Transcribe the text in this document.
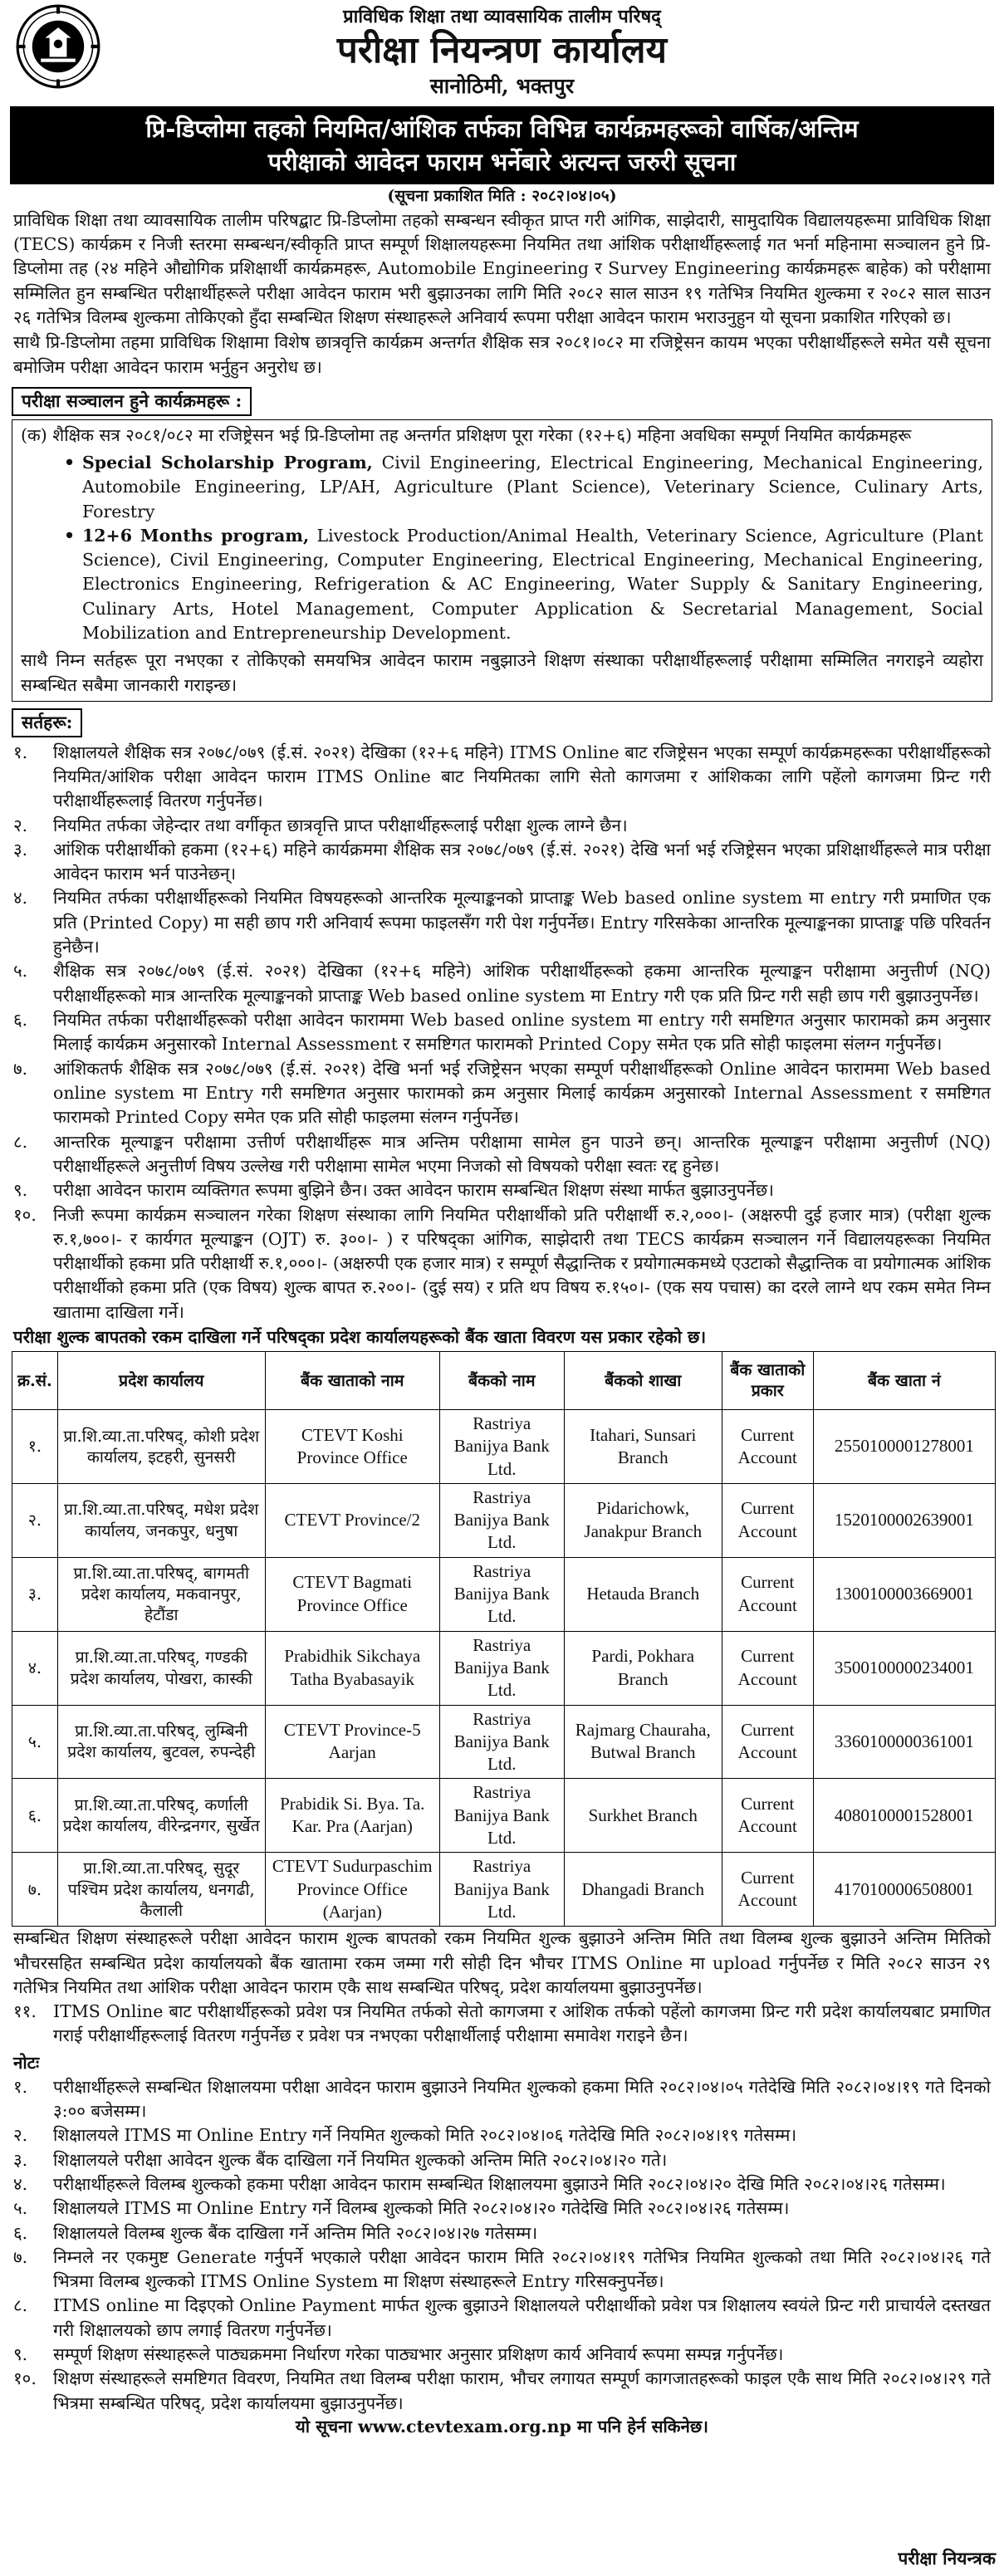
प्राविधिक शिक्षा तथा व्यावसायिक तालीम परिषद्
परीक्षा नियन्त्रण कार्यालय
सानोठिमी, भक्तपुर
प्रि-डिप्लोमा तहको नियमित/आंशिक तर्फका विभिन्न कार्यक्रमहरूको वार्षिक/अन्तिम
परीक्षाको आवेदन फाराम भर्नेबारे अत्यन्त जरुरी सूचना
(सूचना प्रकाशित मिति : २०८२।०४।०५)

प्राविधिक शिक्षा तथा व्यावसायिक तालीम परिषद्बाट प्रि-डिप्लोमा तहको सम्बन्धन स्वीकृत प्राप्त गरी आंगिक, साझेदारी, सामुदायिक विद्यालयहरूमा प्राविधिक शिक्षा (TECS) कार्यक्रम र निजी स्तरमा सम्बन्धन/स्वीकृति प्राप्त सम्पूर्ण शिक्षालयहरूमा नियमित तथा आंशिक परीक्षार्थीहरूलाई गत भर्ना महिनामा सञ्चालन हुने प्रि-डिप्लोमा तह (२४ महिने औद्योगिक प्रशिक्षार्थी कार्यक्रमहरू, Automobile Engineering र Survey Engineering कार्यक्रमहरू बाहेक) को परीक्षामा सम्मिलित हुन सम्बन्धित परीक्षार्थीहरूले परीक्षा आवेदन फाराम भरी बुझाउनका लागि मिति २०८२ साल साउन १९ गतेभित्र नियमित शुल्कमा र २०८२ साल साउन २६ गतेभित्र विलम्ब शुल्कमा तोकिएको हुँदा सम्बन्धित शिक्षण संस्थाहरूले अनिवार्य रूपमा परीक्षा आवेदन फाराम भराउनुहुन यो सूचना प्रकाशित गरिएको छ।

साथै प्रि-डिप्लोमा तहमा प्राविधिक शिक्षामा विशेष छात्रवृत्ति कार्यक्रम अन्तर्गत शैक्षिक सत्र २०८१।०८२ मा रजिष्ट्रेसन कायम भएका परीक्षार्थीहरूले समेत यसै सूचना बमोजिम परीक्षा आवेदन फाराम भर्नुहुन अनुरोध छ।

परीक्षा सञ्चालन हुने कार्यक्रमहरू :
(क) शैक्षिक सत्र २०८१/०८२ मा रजिष्ट्रेसन भई प्रि-डिप्लोमा तह अन्तर्गत प्रशिक्षण पूरा गरेका (१२+६) महिना अवधिका सम्पूर्ण नियमित कार्यक्रमहरू
• Special Scholarship Program, Civil Engineering, Electrical Engineering, Mechanical Engineering, Automobile Engineering, LP/AH, Agriculture (Plant Science), Veterinary Science, Culinary Arts, Forestry
• 12+6 Months program, Livestock Production/Animal Health, Veterinary Science, Agriculture (Plant Science), Civil Engineering, Computer Engineering, Electrical Engineering, Mechanical Engineering, Electronics Engineering, Refrigeration & AC Engineering, Water Supply & Sanitary Engineering, Culinary Arts, Hotel Management, Computer Application & Secretarial Management, Social Mobilization and Entrepreneurship Development.
साथै निम्न सर्तहरू पूरा नभएका र तोकिएको समयभित्र आवेदन फाराम नबुझाउने शिक्षण संस्थाका परीक्षार्थीहरूलाई परीक्षामा सम्मिलित नगराइने व्यहोरा सम्बन्धित सबैमा जानकारी गराइन्छ।
सर्तहरू:
१.	शिक्षालयले शैक्षिक सत्र २०७८/०७९ (ई.सं. २०२१) देखिका (१२+६ महिने) ITMS Online बाट रजिष्ट्रेसन भएका सम्पूर्ण कार्यक्रमहरूका परीक्षार्थीहरूको नियमित/आंशिक परीक्षा आवेदन फाराम ITMS Online बाट नियमितका लागि सेतो कागजमा र आंशिकका लागि पहेंलो कागजमा प्रिन्ट गरी परीक्षार्थीहरूलाई वितरण गर्नुपर्नेछ।
२.	नियमित तर्फका जेहेन्दार तथा वर्गीकृत छात्रवृत्ति प्राप्त परीक्षार्थीहरूलाई परीक्षा शुल्क लाग्ने छैन।
३.	आंशिक परीक्षार्थीको हकमा (१२+६) महिने कार्यक्रममा शैक्षिक सत्र २०७८/०७९ (ई.सं. २०२१) देखि भर्ना भई रजिष्ट्रेसन भएका प्रशिक्षार्थीहरूले मात्र परीक्षा आवेदन फाराम भर्न पाउनेछन्।
४.	नियमित तर्फका परीक्षार्थीहरूको नियमित विषयहरूको आन्तरिक मूल्याङ्कनको प्राप्ताङ्क Web based online system मा entry गरी प्रमाणित एक प्रति (Printed Copy) मा सही छाप गरी अनिवार्य रूपमा फाइलसँग गरी पेश गर्नुपर्नेछ। Entry गरिसकेका आन्तरिक मूल्याङ्कनका प्राप्ताङ्क पछि परिवर्तन हुनेछैन।
५.	शैक्षिक सत्र २०७८/०७९ (ई.सं. २०२१) देखिका (१२+६ महिने) आंशिक परीक्षार्थीहरूको हकमा आन्तरिक मूल्याङ्कन परीक्षामा अनुत्तीर्ण (NQ) परीक्षार्थीहरूको मात्र आन्तरिक मूल्याङ्कनको प्राप्ताङ्क Web based online system मा Entry गरी एक प्रति प्रिन्ट गरी सही छाप गरी बुझाउनुपर्नेछ।
६.	नियमित तर्फका परीक्षार्थीहरूको परीक्षा आवेदन फाराममा Web based online system मा entry गरी समष्टिगत अनुसार फारामको क्रम अनुसार मिलाई कार्यक्रम अनुसारको Internal Assessment र समष्टिगत फारामको Printed Copy समेत एक प्रति सोही फाइलमा संलग्न गर्नुपर्नेछ।
७.	आंशिकतर्फ शैक्षिक सत्र २०७८/०७९ (ई.सं. २०२१) देखि भर्ना भई रजिष्ट्रेसन भएका सम्पूर्ण परीक्षार्थीहरूको Online आवेदन फाराममा Web based online system मा Entry गरी समष्टिगत अनुसार फारामको क्रम अनुसार मिलाई कार्यक्रम अनुसारको Internal Assessment र समष्टिगत फारामको Printed Copy समेत एक प्रति सोही फाइलमा संलग्न गर्नुपर्नेछ।
८.	आन्तरिक मूल्याङ्कन परीक्षामा उत्तीर्ण परीक्षार्थीहरू मात्र अन्तिम परीक्षामा सामेल हुन पाउने छन्। आन्तरिक मूल्याङ्कन परीक्षामा अनुत्तीर्ण (NQ) परीक्षार्थीहरूले अनुत्तीर्ण विषय उल्लेख गरी परीक्षामा सामेल भएमा निजको सो विषयको परीक्षा स्वतः रद्द हुनेछ।
९.	परीक्षा आवेदन फाराम व्यक्तिगत रूपमा बुझिने छैन। उक्त आवेदन फाराम सम्बन्धित शिक्षण संस्था मार्फत बुझाउनुपर्नेछ।
१०. निजी रूपमा कार्यक्रम सञ्चालन गरेका शिक्षण संस्थाका लागि नियमित परीक्षार्थीको प्रति परीक्षार्थी रु.२,०००।- (अक्षरुपी दुई हजार मात्र) (परीक्षा शुल्क रु.१,७००।- र कार्यगत मूल्याङ्कन (OJT) रु. ३००।- ) र परिषद्का आंगिक, साझेदारी तथा TECS कार्यक्रम सञ्चालन गर्ने विद्यालयहरूका नियमित परीक्षार्थीको हकमा प्रति परीक्षार्थी रु.१,०००।- (अक्षरुपी एक हजार मात्र) र सम्पूर्ण सैद्धान्तिक र प्रयोगात्मकमध्ये एउटाको सैद्धान्तिक वा प्रयोगात्मक आंशिक परीक्षार्थीको हकमा प्रति (एक विषय) शुल्क बापत रु.२००।- (दुई सय) र प्रति थप विषय रु.१५०।- (एक सय पचास) का दरले लाग्ने थप रकम समेत निम्न खातामा दाखिला गर्ने।
परीक्षा शुल्क बापतको रकम दाखिला गर्ने परिषद्का प्रदेश कार्यालयहरूको बैंक खाता विवरण यस प्रकार रहेको छ।
क्र.सं.	प्रदेश कार्यालय	बैंक खाताको नाम	बैंकको नाम	बैंकको शाखा	बैंक खाताको प्रकार	बैंक खाता नं
१.	प्रा.शि.व्या.ता.परिषद्, कोशी प्रदेश कार्यालय, इटहरी, सुनसरी	CTEVT Koshi Province Office	Rastriya Banijya Bank Ltd.	Itahari, Sunsari Branch	Current Account	2550100001278001
२.	प्रा.शि.व्या.ता.परिषद्, मधेश प्रदेश कार्यालय, जनकपुर, धनुषा	CTEVT Province/2	Rastriya Banijya Bank Ltd.	Pidarichowk, Janakpur Branch	Current Account	1520100002639001
३.	प्रा.शि.व्या.ता.परिषद्, बागमती प्रदेश कार्यालय, मकवानपुर, हेटौंडा	CTEVT Bagmati Province Office	Rastriya Banijya Bank Ltd.	Hetauda Branch	Current Account	1300100003669001
४.	प्रा.शि.व्या.ता.परिषद्, गण्डकी प्रदेश कार्यालय, पोखरा, कास्की	Prabidhik Sikchaya Tatha Byabasayik	Rastriya Banijya Bank Ltd.	Pardi, Pokhara Branch	Current Account	3500100000234001
५.	प्रा.शि.व्या.ता.परिषद्, लुम्बिनी प्रदेश कार्यालय, बुटवल, रुपन्देही	CTEVT Province-5 Aarjan	Rastriya Banijya Bank Ltd.	Rajmarg Chauraha, Butwal Branch	Current Account	3360100000361001
६.	प्रा.शि.व्या.ता.परिषद्, कर्णाली प्रदेश कार्यालय, वीरेन्द्रनगर, सुर्खेत	Prabidik Si. Bya. Ta. Kar. Pra (Aarjan)	Rastriya Banijya Bank Ltd.	Surkhet Branch	Current Account	4080100001528001
७.	प्रा.शि.व्या.ता.परिषद्, सुदूर पश्चिम प्रदेश कार्यालय, धनगढी, कैलाली	CTEVT Sudurpaschim Province Office (Aarjan)	Rastriya Banijya Bank Ltd.	Dhangadi Branch	Current Account	4170100006508001

सम्बन्धित शिक्षण संस्थाहरूले परीक्षा आवेदन फाराम शुल्क बापतको रकम नियमित शुल्क बुझाउने अन्तिम मिति तथा विलम्ब शुल्क बुझाउने अन्तिम मितिको भौचरसहित सम्बन्धित प्रदेश कार्यालयको बैंक खातामा रकम जम्मा गरी सोही दिन भौचर ITMS Online मा upload गर्नुपर्नेछ र मिति २०८२ साउन २९ गतेभित्र नियमित तथा आंशिक परीक्षा आवेदन फाराम एकै साथ सम्बन्धित परिषद्, प्रदेश कार्यालयमा बुझाउनुपर्नेछ।

११. ITMS Online बाट परीक्षार्थीहरूको प्रवेश पत्र नियमित तर्फको सेतो कागजमा र आंशिक तर्फको पहेंलो कागजमा प्रिन्ट गरी प्रदेश कार्यालयबाट प्रमाणित गराई परीक्षार्थीहरूलाई वितरण गर्नुपर्नेछ र प्रवेश पत्र नभएका परीक्षार्थीलाई परीक्षामा समावेश गराइने छैन।
नोटः
१.	परीक्षार्थीहरूले सम्बन्धित शिक्षालयमा परीक्षा आवेदन फाराम बुझाउने नियमित शुल्कको हकमा मिति २०८२।०४।०५ गतेदेखि मिति २०८२।०४।१९ गते दिनको ३:०० बजेसम्म।
२.	शिक्षालयले ITMS मा Online Entry गर्ने नियमित शुल्कको मिति २०८२।०४।०६ गतेदेखि मिति २०८२।०४।१९ गतेसम्म।
३.	शिक्षालयले परीक्षा आवेदन शुल्क बैंक दाखिला गर्ने नियमित शुल्कको अन्तिम मिति २०८२।०४।२० गते।
४.	परीक्षार्थीहरूले विलम्ब शुल्कको हकमा परीक्षा आवेदन फाराम सम्बन्धित शिक्षालयमा बुझाउने मिति २०८२।०४।२० देखि मिति २०८२।०४।२६ गतेसम्म।
५.	शिक्षालयले ITMS मा Online Entry गर्ने विलम्ब शुल्कको मिति २०८२।०४।२० गतेदेखि मिति २०८२।०४।२६ गतेसम्म।
६.	शिक्षालयले विलम्ब शुल्क बैंक दाखिला गर्ने अन्तिम मिति २०८२।०४।२७ गतेसम्म।
७.	निम्नले नर एकमुष्ट Generate गर्नुपर्ने भएकाले परीक्षा आवेदन फाराम मिति २०८२।०४।१९ गतेभित्र नियमित शुल्कको तथा मिति २०८२।०४।२६ गते भित्रमा विलम्ब शुल्कको ITMS Online System मा शिक्षण संस्थाहरूले Entry गरिसक्नुपर्नेछ।
८.	ITMS online मा दिइएको Online Payment मार्फत शुल्क बुझाउने शिक्षालयले परीक्षार्थीको प्रवेश पत्र शिक्षालय स्वयंले प्रिन्ट गरी प्राचार्यले दस्तखत गरी शिक्षालयको छाप लगाई वितरण गर्नुपर्नेछ।
९.	सम्पूर्ण शिक्षण संस्थाहरूले पाठ्यक्रममा निर्धारण गरेका पाठ्यभार अनुसार प्रशिक्षण कार्य अनिवार्य रूपमा सम्पन्न गर्नुपर्नेछ।
१०. शिक्षण संस्थाहरूले समष्टिगत विवरण, नियमित तथा विलम्ब परीक्षा फाराम, भौचर लगायत सम्पूर्ण कागजातहरूको फाइल एकै साथ मिति २०८२।०४।२९ गते भित्रमा सम्बन्धित परिषद्, प्रदेश कार्यालयमा बुझाउनुपर्नेछ।
यो सूचना www.ctevtexam.org.np मा पनि हेर्न सकिनेछ।
परीक्षा नियन्त्रक
